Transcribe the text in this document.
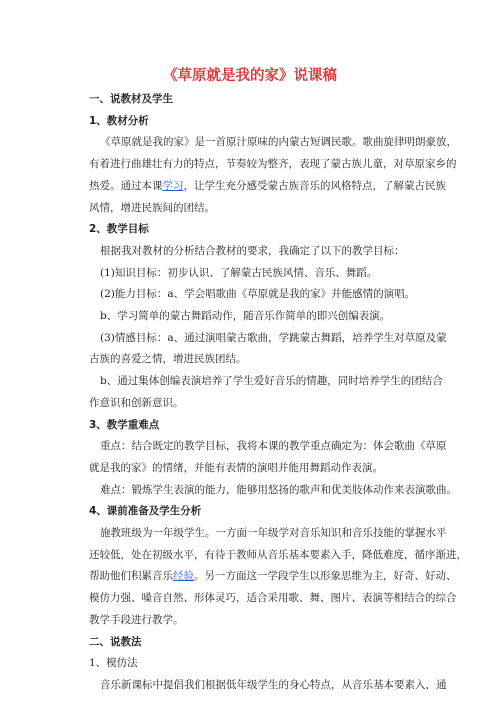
《草原就是我的家》说课稿
一、说教材及学生
1、教材分析
《草原就是我的家》是一首原汁原味的内蒙古短调民歌。歌曲旋律明朗豪放，
有着进行曲雄壮有力的特点，节奏较为整齐，表现了蒙古族儿童，对草原家乡的
热爱。通过本课学习，让学生充分感受蒙古族音乐的风格特点，了解蒙古民族
风情，增进民族间的团结。
2、教学目标
根据我对教材的分析结合教材的要求，我确定了以下的教学目标：
(1)知识目标：初步认识、了解蒙古民族风情、音乐、舞蹈。
(2)能力目标：a、学会唱歌曲《草原就是我的家》并能感情的演唱。
b、学习简单的蒙古舞蹈动作，随音乐作简单的即兴创编表演。
(3)情感目标：a、通过演唱蒙古歌曲，学跳蒙古舞蹈，培养学生对草原及蒙
古族的喜爱之情，增进民族团结。
b、通过集体创编表演培养了学生爱好音乐的情趣，同时培养学生的团结合
作意识和创新意识。
3、教学重难点
重点：结合既定的教学目标，我将本课的教学重点确定为：体会歌曲《草原
就是我的家》的情绪，并能有表情的演唱并能用舞蹈动作表演。
难点：锻炼学生表演的能力，能够用悠扬的歌声和优美肢体动作来表演歌曲。
4、课前准备及学生分析
施教班级为一年级学生。一方面一年级学对音乐知识和音乐技能的掌握水平
还较低，处在初级水平，有待于教师从音乐基本要素入手，降低难度，循序渐进，
帮助他们积累音乐经验。另一方面这一学段学生以形象思维为主，好奇、好动、
模仿力强、嗓音自然、形体灵巧，适合采用歌、舞、图片、表演等相结合的综合
教学手段进行教学。
二、说教法
1、模仿法
音乐新课标中提倡我们根据低年级学生的身心特点，从音乐基本要素入，通
